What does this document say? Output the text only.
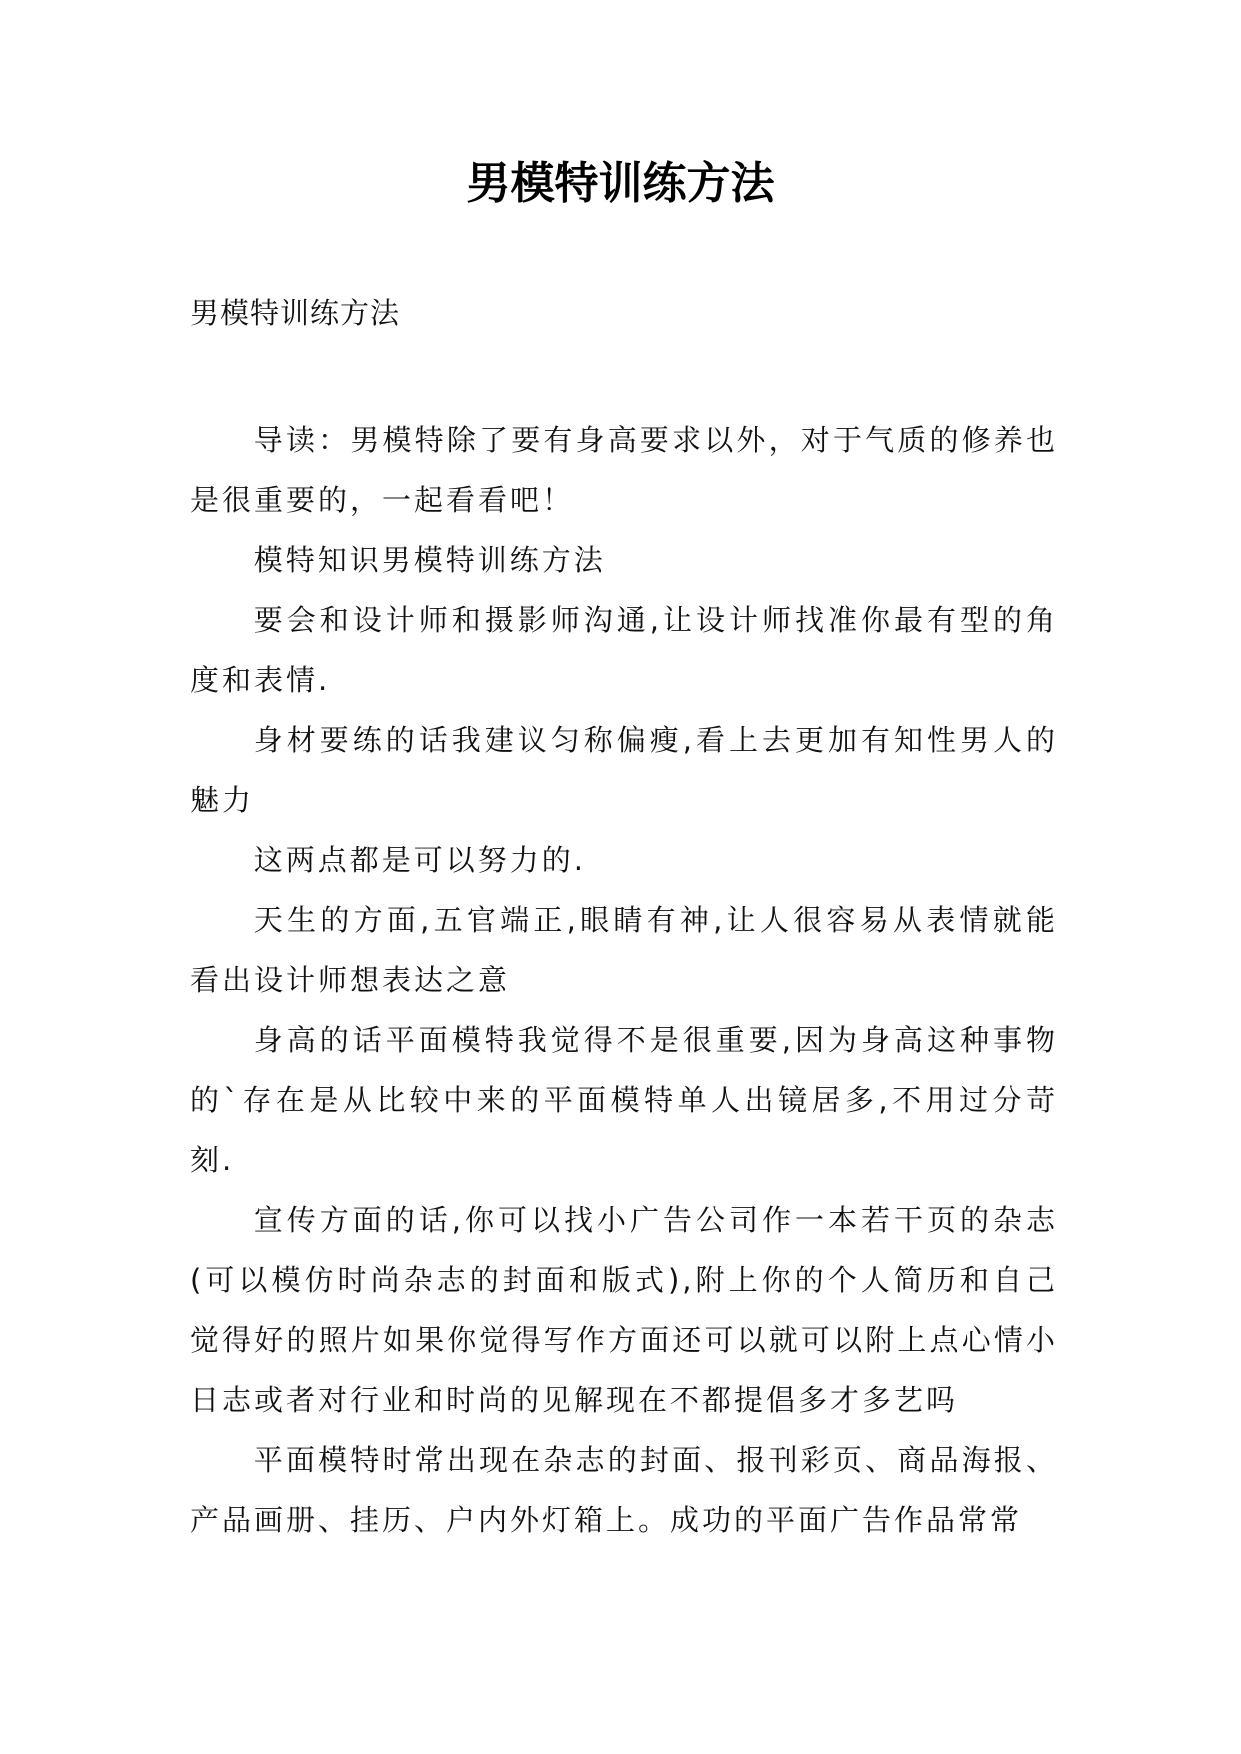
男模特训练方法

男模特训练方法

导读：男模特除了要有身高要求以外，对于气质的修养也是很重要的，一起看看吧！

模特知识男模特训练方法

要会和设计师和摄影师沟通,让设计师找准你最有型的角度和表情.

身材要练的话我建议匀称偏瘦,看上去更加有知性男人的魅力

这两点都是可以努力的.

天生的方面,五官端正,眼睛有神,让人很容易从表情就能看出设计师想表达之意

身高的话平面模特我觉得不是很重要,因为身高这种事物的`存在是从比较中来的平面模特单人出镜居多,不用过分苛刻.

宣传方面的话,你可以找小广告公司作一本若干页的杂志(可以模仿时尚杂志的封面和版式),附上你的个人简历和自己觉得好的照片如果你觉得写作方面还可以就可以附上点心情小日志或者对行业和时尚的见解现在不都提倡多才多艺吗

平面模特时常出现在杂志的封面、报刊彩页、商品海报、产品画册、挂历、户内外灯箱上。成功的平面广告作品常常
